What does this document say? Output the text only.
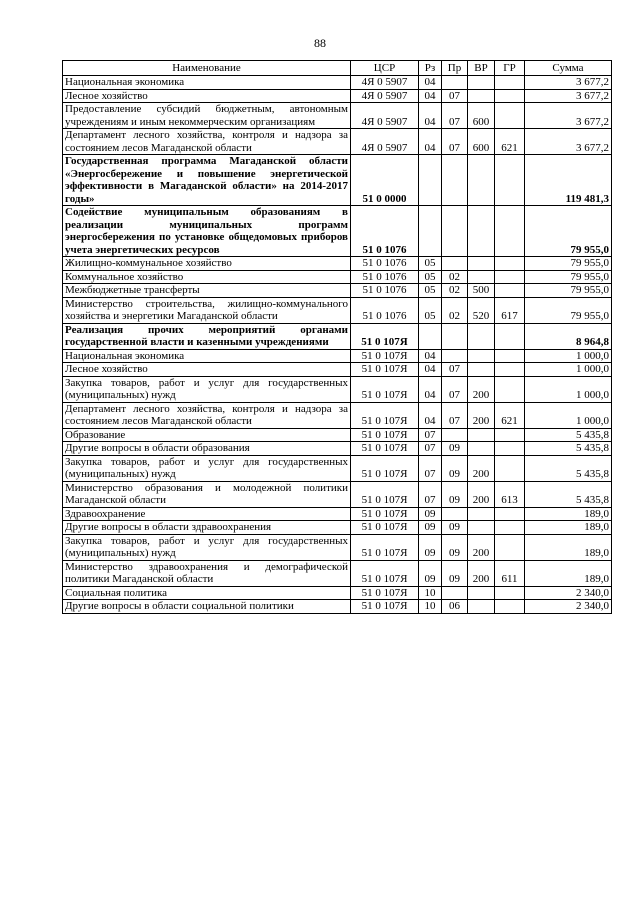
88
Наименование	ЦСР	Рз	Пр	ВР	ГР	Сумма
Национальная экономика	4Я 0 5907	04				3 677,2
Лесное хозяйство	4Я 0 5907	04	07			3 677,2
Предоставление субсидий бюджетным, автономным учреждениям и иным некоммерческим организациям	4Я 0 5907	04	07	600		3 677,2
Департамент лесного хозяйства, контроля и надзора за состоянием лесов Магаданской области	4Я 0 5907	04	07	600	621	3 677,2
Государственная программа Магаданской области «Энергосбережение и повышение энергетической эффективности в Магаданской области» на 2014-2017 годы»	51 0 0000					119 481,3
Содействие муниципальным образованиям в реализации муниципальных программ энергосбережения по установке общедомовых приборов учета энергетических ресурсов	51 0 1076					79 955,0
Жилищно-коммунальное хозяйство	51 0 1076	05				79 955,0
Коммунальное хозяйство	51 0 1076	05	02			79 955,0
Межбюджетные трансферты	51 0 1076	05	02	500		79 955,0
Министерство строительства, жилищно-коммунального хозяйства и энергетики Магаданской области	51 0 1076	05	02	520	617	79 955,0
Реализация прочих мероприятий органами государственной власти и казенными учреждениями	51 0 107Я					8 964,8
Национальная экономика	51 0 107Я	04				1 000,0
Лесное хозяйство	51 0 107Я	04	07			1 000,0
Закупка товаров, работ и услуг для государственных (муниципальных) нужд	51 0 107Я	04	07	200		1 000,0
Департамент лесного хозяйства, контроля и надзора за состоянием лесов Магаданской области	51 0 107Я	04	07	200	621	1 000,0
Образование	51 0 107Я	07				5 435,8
Другие вопросы в области образования	51 0 107Я	07	09			5 435,8
Закупка товаров, работ и услуг для государственных (муниципальных) нужд	51 0 107Я	07	09	200		5 435,8
Министерство образования и молодежной политики Магаданской области	51 0 107Я	07	09	200	613	5 435,8
Здравоохранение	51 0 107Я	09				189,0
Другие вопросы в области здравоохранения	51 0 107Я	09	09			189,0
Закупка товаров, работ и услуг для государственных (муниципальных) нужд	51 0 107Я	09	09	200		189,0
Министерство здравоохранения и демографической политики Магаданской области	51 0 107Я	09	09	200	611	189,0
Социальная политика	51 0 107Я	10				2 340,0
Другие вопросы в области социальной политики	51 0 107Я	10	06			2 340,0
